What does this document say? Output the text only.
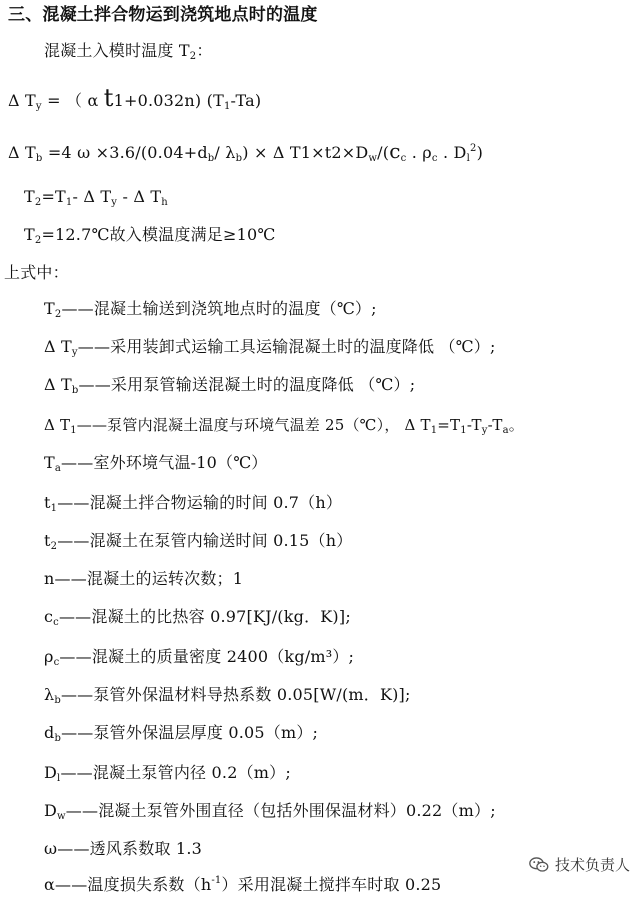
三、混凝土拌合物运到浇筑地点时的温度
混凝土入模时温度 $T_2$：
Δ $T_y$ = （ α t1+0.032n) $(T_1-Ta)$
Δ $T_b =4$ $\omega \times 3.6/(0.04+d_b/$ $\lambda_b) \times \Delta$ $T1\times t2\times D_w/(c_c$ . $\rho_c$ . $D_l^2$)
$T_2=T_1-$ Δ $T_y$ - Δ $T_h$
$T_2=12.7℃$故入模温度满足≥10℃
上式中：
$T_2——$混凝土输送到浇筑地点时的温度（℃）;
Δ $T_y——$采用装卸式运输工具运输混凝土时的温度降低 （℃）;
Δ $T_b——$采用泵管输送混凝土时的温度降低 （℃）;
Δ $T_1——$泵管内混凝土温度与环境气温差 25（℃）， Δ $T_1=T_1-T_y-T_a$。
$T_a——$室外环境气温-10（℃）
$t_1——$混凝土拌合物运输的时间 0.7（h）
$t_2——$混凝土在泵管内输送时间 0.15（h）
n——混凝土的运转次数；1
$c_c——$混凝土的比热容 0.97[KJ/(kg．K)];
$\rho_c——$混凝土的质量密度 2400（kg/m³）;
$\lambda_b——$泵管外保温材料导热系数 0.05[W/(m．K)];
$d_b——$泵管外保温层厚度 0.05（m）;
$D_l——$混凝土泵管内径 0.2（m）;
$D_w——$混凝土泵管外围直径（包括外围保温材料）0.22（m）;
ω——透风系数取 1.3
α——温度损失系数$(h^{-1})$采用混凝土搅拌车时取 0.25
技术负责人
